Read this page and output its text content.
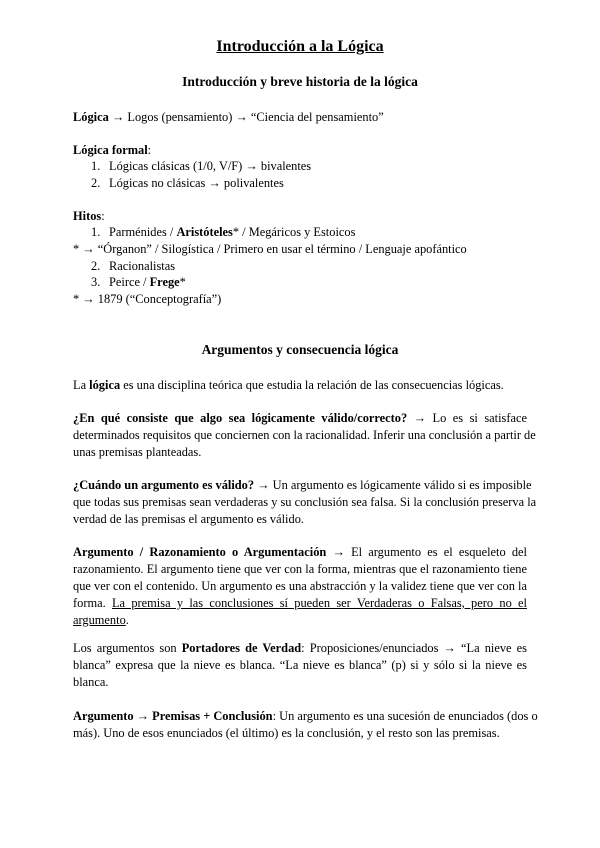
Introducción a la Lógica
Introducción y breve historia de la lógica
Lógica → Logos (pensamiento) → “Ciencia del pensamiento”
Lógica formal:
1. Lógicas clásicas (1/0, V/F) → bivalentes
2. Lógicas no clásicas → polivalentes
Hitos:
1. Parménides / Aristóteles* / Megáricos y Estoicos
* → “Órganon” / Silogística / Primero en usar el término / Lenguaje apofántico
2. Racionalistas
3. Peirce / Frege*
* → 1879 (“Conceptografía”)
Argumentos y consecuencia lógica
La lógica es una disciplina teórica que estudia la relación de las consecuencias lógicas.
¿En qué consiste que algo sea lógicamente válido/correcto? → Lo es si satisface
determinados requisitos que conciernen con la racionalidad. Inferir una conclusión a partir de
unas premisas planteadas.
¿Cuándo un argumento es válido? → Un argumento es lógicamente válido si es imposible
que todas sus premisas sean verdaderas y su conclusión sea falsa. Si la conclusión preserva la
verdad de las premisas el argumento es válido.
Argumento / Razonamiento o Argumentación → El argumento es el esqueleto del
razonamiento. El argumento tiene que ver con la forma, mientras que el razonamiento tiene
que ver con el contenido. Un argumento es una abstracción y la validez tiene que ver con la
forma. La premisa y las conclusiones sí pueden ser Verdaderas o Falsas, pero no el
argumento.
Los argumentos son Portadores de Verdad: Proposiciones/enunciados → “La nieve es
blanca” expresa que la nieve es blanca. “La nieve es blanca” (p) si y sólo si la nieve es
blanca.
Argumento → Premisas + Conclusión: Un argumento es una sucesión de enunciados (dos o
más). Uno de esos enunciados (el último) es la conclusión, y el resto son las premisas.
